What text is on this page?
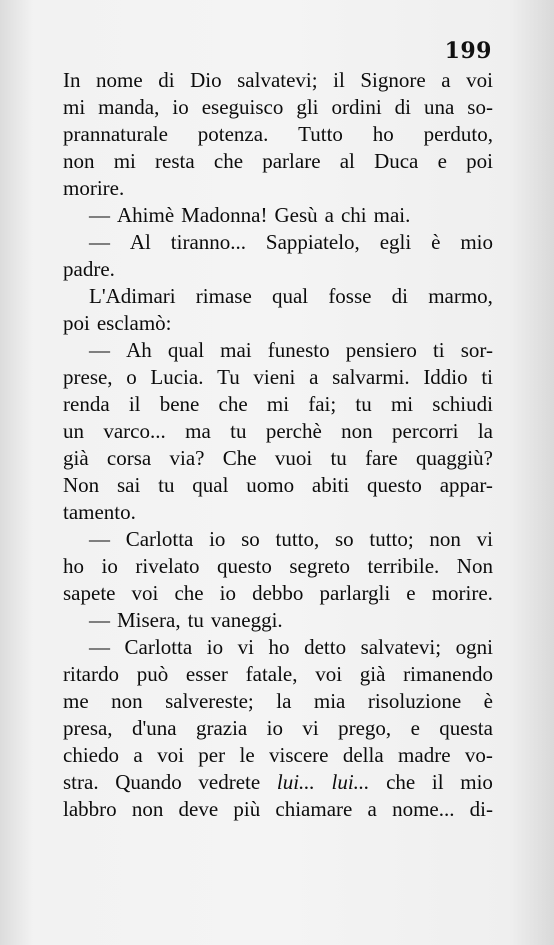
199
In nome di Dio salvatevi; il Signore a voi
mi manda, io eseguisco gli ordini di una so-
prannaturale potenza. Tutto ho perduto,
non mi resta che parlare al Duca e poi
morire.
— Ahimè Madonna! Gesù a chi mai.
— Al tiranno... Sappiatelo, egli è mio
padre.
L'Adimari rimase qual fosse di marmo,
poi esclamò:
— Ah qual mai funesto pensiero ti sor-
prese, o Lucia. Tu vieni a salvarmi. Iddio ti
renda il bene che mi fai; tu mi schiudi
un varco... ma tu perchè non percorri la
già corsa via? Che vuoi tu fare quaggiù?
Non sai tu qual uomo abiti questo appar-
tamento.
— Carlotta io so tutto, so tutto; non vi
ho io rivelato questo segreto terribile. Non
sapete voi che io debbo parlargli e morire.
— Misera, tu vaneggi.
— Carlotta io vi ho detto salvatevi; ogni
ritardo può esser fatale, voi già rimanendo
me non salvereste; la mia risoluzione è
presa, d'una grazia io vi prego, e questa
chiedo a voi per le viscere della madre vo-
stra. Quando vedrete lui... lui... che il mio
labbro non deve più chiamare a nome... di-
